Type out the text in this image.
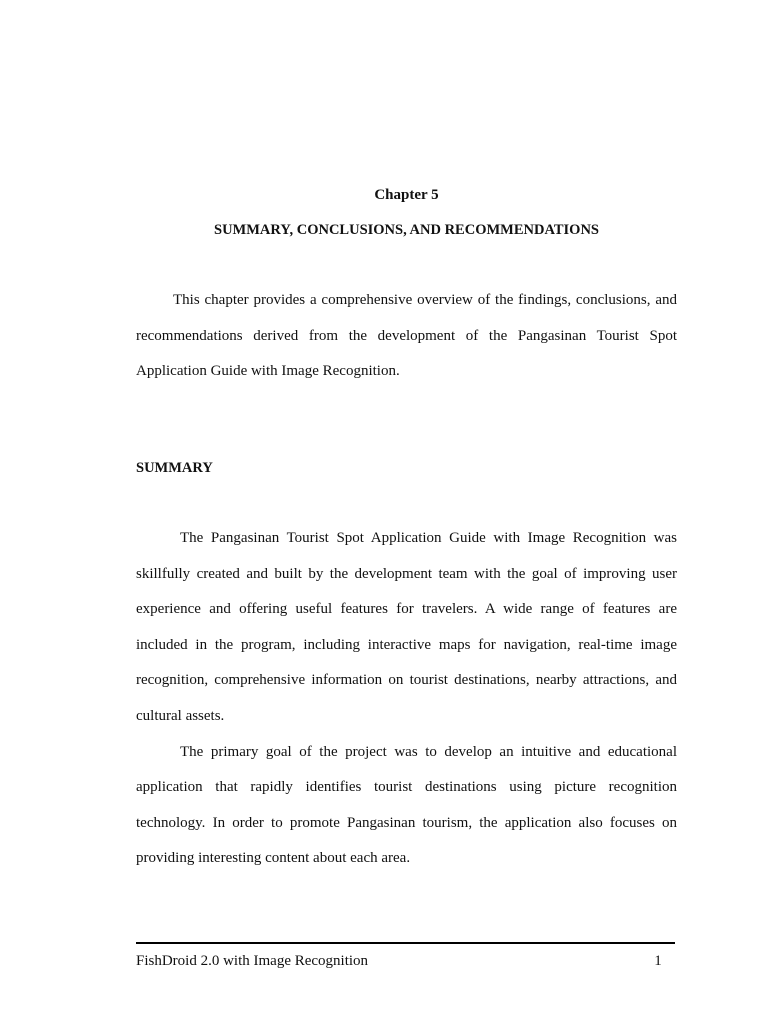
Chapter 5
SUMMARY, CONCLUSIONS, AND RECOMMENDATIONS

This chapter provides a comprehensive overview of the findings, conclusions, and recommendations derived from the development of the Pangasinan Tourist Spot Application Guide with Image Recognition.

SUMMARY

The Pangasinan Tourist Spot Application Guide with Image Recognition was skillfully created and built by the development team with the goal of improving user experience and offering useful features for travelers. A wide range of features are included in the program, including interactive maps for navigation, real-time image recognition, comprehensive information on tourist destinations, nearby attractions, and cultural assets.

The primary goal of the project was to develop an intuitive and educational application that rapidly identifies tourist destinations using picture recognition technology. In order to promote Pangasinan tourism, the application also focuses on providing interesting content about each area.

FishDroid 2.0 with Image Recognition	1
